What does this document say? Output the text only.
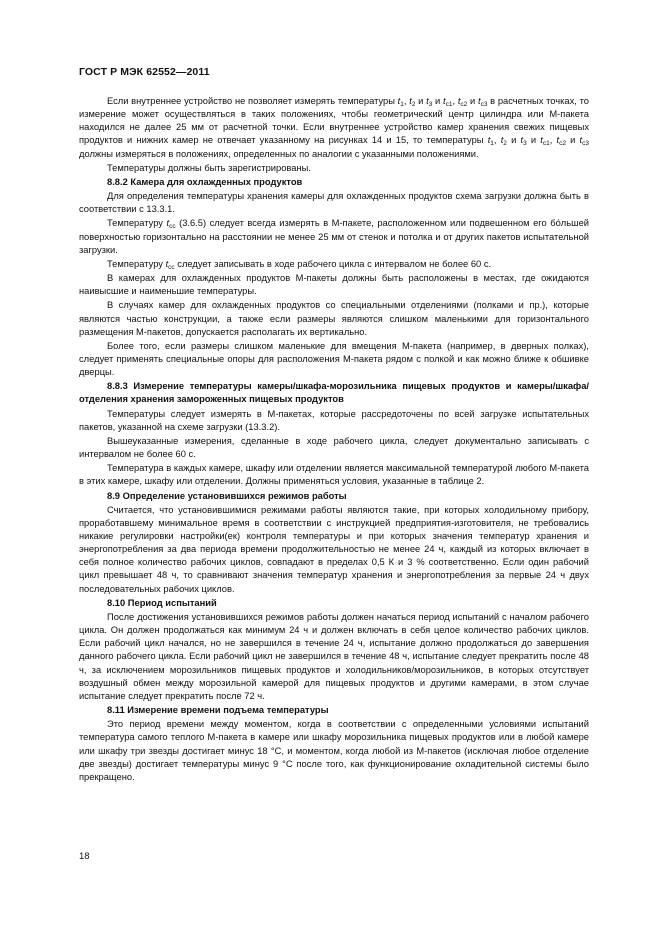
ГОСТ Р МЭК 62552—2011

Если внутреннее устройство не позволяет измерять температуры $t_1$, $t_2$ и $t_3$ и $t_{c1}$, $t_{c2}$ и $t_{c3}$ в расчетных точках, то измерение может осуществляться в таких положениях, чтобы геометрический центр цилиндра или М-пакета находился не далее 25 мм от расчетной точки. Если внутреннее устройство камер хранения свежих пищевых продуктов и нижних камер не отвечает указанному на рисунках 14 и 15, то температуры $t_1$, $t_2$ и $t_3$ и $t_{c1}$, $t_{c2}$ и $t_{c3}$ должны измеряться в положениях, определенных по аналогии с указанными положениями.

Температуры должны быть зарегистрированы.

8.8.2 Камера для охлажденных продуктов

Для определения температуры хранения камеры для охлажденных продуктов схема загрузки должна быть в соответствии с 13.3.1.

Температуру $t_{cc}$ (3.6.5) следует всегда измерять в М-пакете, расположенном или подвешенном его бо́льшей поверхностью горизонтально на расстоянии не менее 25 мм от стенок и потолка и от других пакетов испытательной загрузки.

Температуру $t_{cc}$ следует записывать в ходе рабочего цикла с интервалом не более 60 с.

В камерах для охлажденных продуктов М-пакеты должны быть расположены в местах, где ожидаются наивысшие и наименьшие температуры.

В случаях камер для охлажденных продуктов со специальными отделениями (полками и пр.), которые являются частью конструкции, а также если размеры являются слишком маленькими для горизонтального размещения М-пакетов, допускается располагать их вертикально.

Более того, если размеры слишком маленькие для вмещения М-пакета (например, в дверных полках), следует применять специальные опоры для расположения М-пакета рядом с полкой и как можно ближе к обшивке дверцы.

8.8.3 Измерение температуры камеры/шкафа-морозильника пищевых продуктов и камеры/шкафа/отделения хранения замороженных пищевых продуктов

Температуры следует измерять в М-пакетах, которые рассредоточены по всей загрузке испытательных пакетов, указанной на схеме загрузки (13.3.2).

Вышеуказанные измерения, сделанные в ходе рабочего цикла, следует документально записывать с интервалом не более 60 с.

Температура в каждых камере, шкафу или отделении является максимальной температурой любого М-пакета в этих камере, шкафу или отделении. Должны применяться условия, указанные в таблице 2.

8.9 Определение установившихся режимов работы

Считается, что установившимися режимами работы являются такие, при которых холодильному прибору, проработавшему минимальное время в соответствии с инструкцией предприятия-изготовителя, не требовались никакие регулировки настройки(ек) контроля температуры и при которых значения температур хранения и энергопотребления за два периода времени продолжительностью не менее 24 ч, каждый из которых включает в себя полное количество рабочих циклов, совпадают в пределах 0,5 К и 3 % соответственно. Если один рабочий цикл превышает 48 ч, то сравнивают значения температур хранения и энергопотребления за первые 24 ч двух последовательных рабочих циклов.

8.10 Период испытаний

После достижения установившихся режимов работы должен начаться период испытаний с началом рабочего цикла. Он должен продолжаться как минимум 24 ч и должен включать в себя целое количество рабочих циклов. Если рабочий цикл начался, но не завершился в течение 24 ч, испытание должно продолжаться до завершения данного рабочего цикла. Если рабочий цикл не завершился в течение 48 ч, испытание следует прекратить после 48 ч, за исключением морозильников пищевых продуктов и холодильников/морозильников, в которых отсутствует воздушный обмен между морозильной камерой для пищевых продуктов и другими камерами, в этом случае испытание следует прекратить после 72 ч.

8.11 Измерение времени подъема температуры

Это период времени между моментом, когда в соответствии с определенными условиями испытаний температура самого теплого М-пакета в камере или шкафу морозильника пищевых продуктов или в любой камере или шкафу три звезды достигает минус 18 °С, и моментом, когда любой из М-пакетов (исключая любое отделение две звезды) достигает температуры минус 9 °С после того, как функционирование охладительной системы было прекращено.

18
